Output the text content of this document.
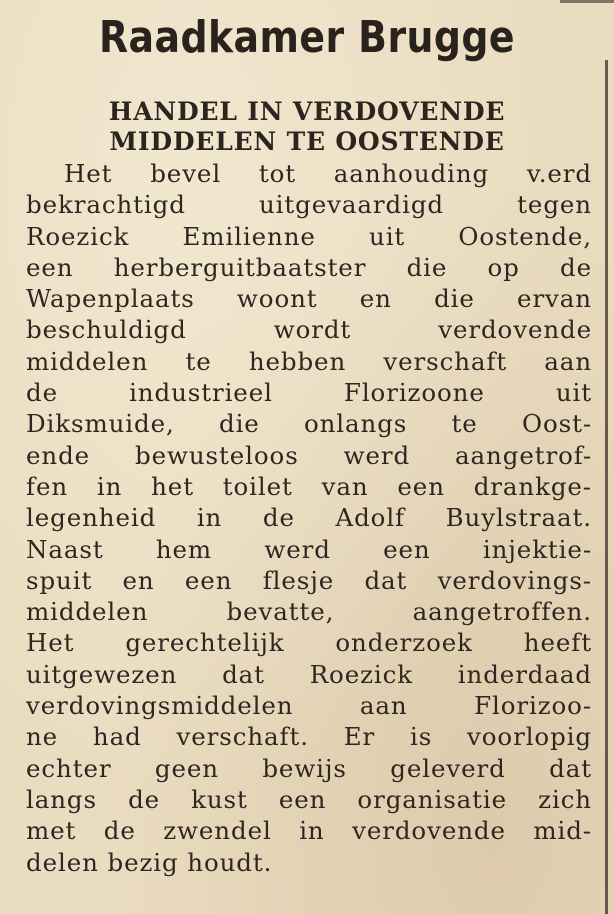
Raadkamer Brugge
HANDEL IN VERDOVENDE
MIDDELEN TE OOSTENDE
Het bevel tot aanhouding v.erd
bekrachtigd uitgevaardigd tegen
Roezick Emilienne uit Oostende,
een herberguitbaatster die op de
Wapenplaats woont en die ervan
beschuldigd wordt verdovende
middelen te hebben verschaft aan
de industrieel Florizoone uit
Diksmuide, die onlangs te Oost-
ende bewusteloos werd aangetrof-
fen in het toilet van een drankge-
legenheid in de Adolf Buylstraat.
Naast hem werd een injektie-
spuit en een flesje dat verdovings-
middelen bevatte, aangetroffen.
Het gerechtelijk onderzoek heeft
uitgewezen dat Roezick inderdaad
verdovingsmiddelen aan Florizoo-
ne had verschaft. Er is voorlopig
echter geen bewijs geleverd dat
langs de kust een organisatie zich
met de zwendel in verdovende mid-
delen bezig houdt.
